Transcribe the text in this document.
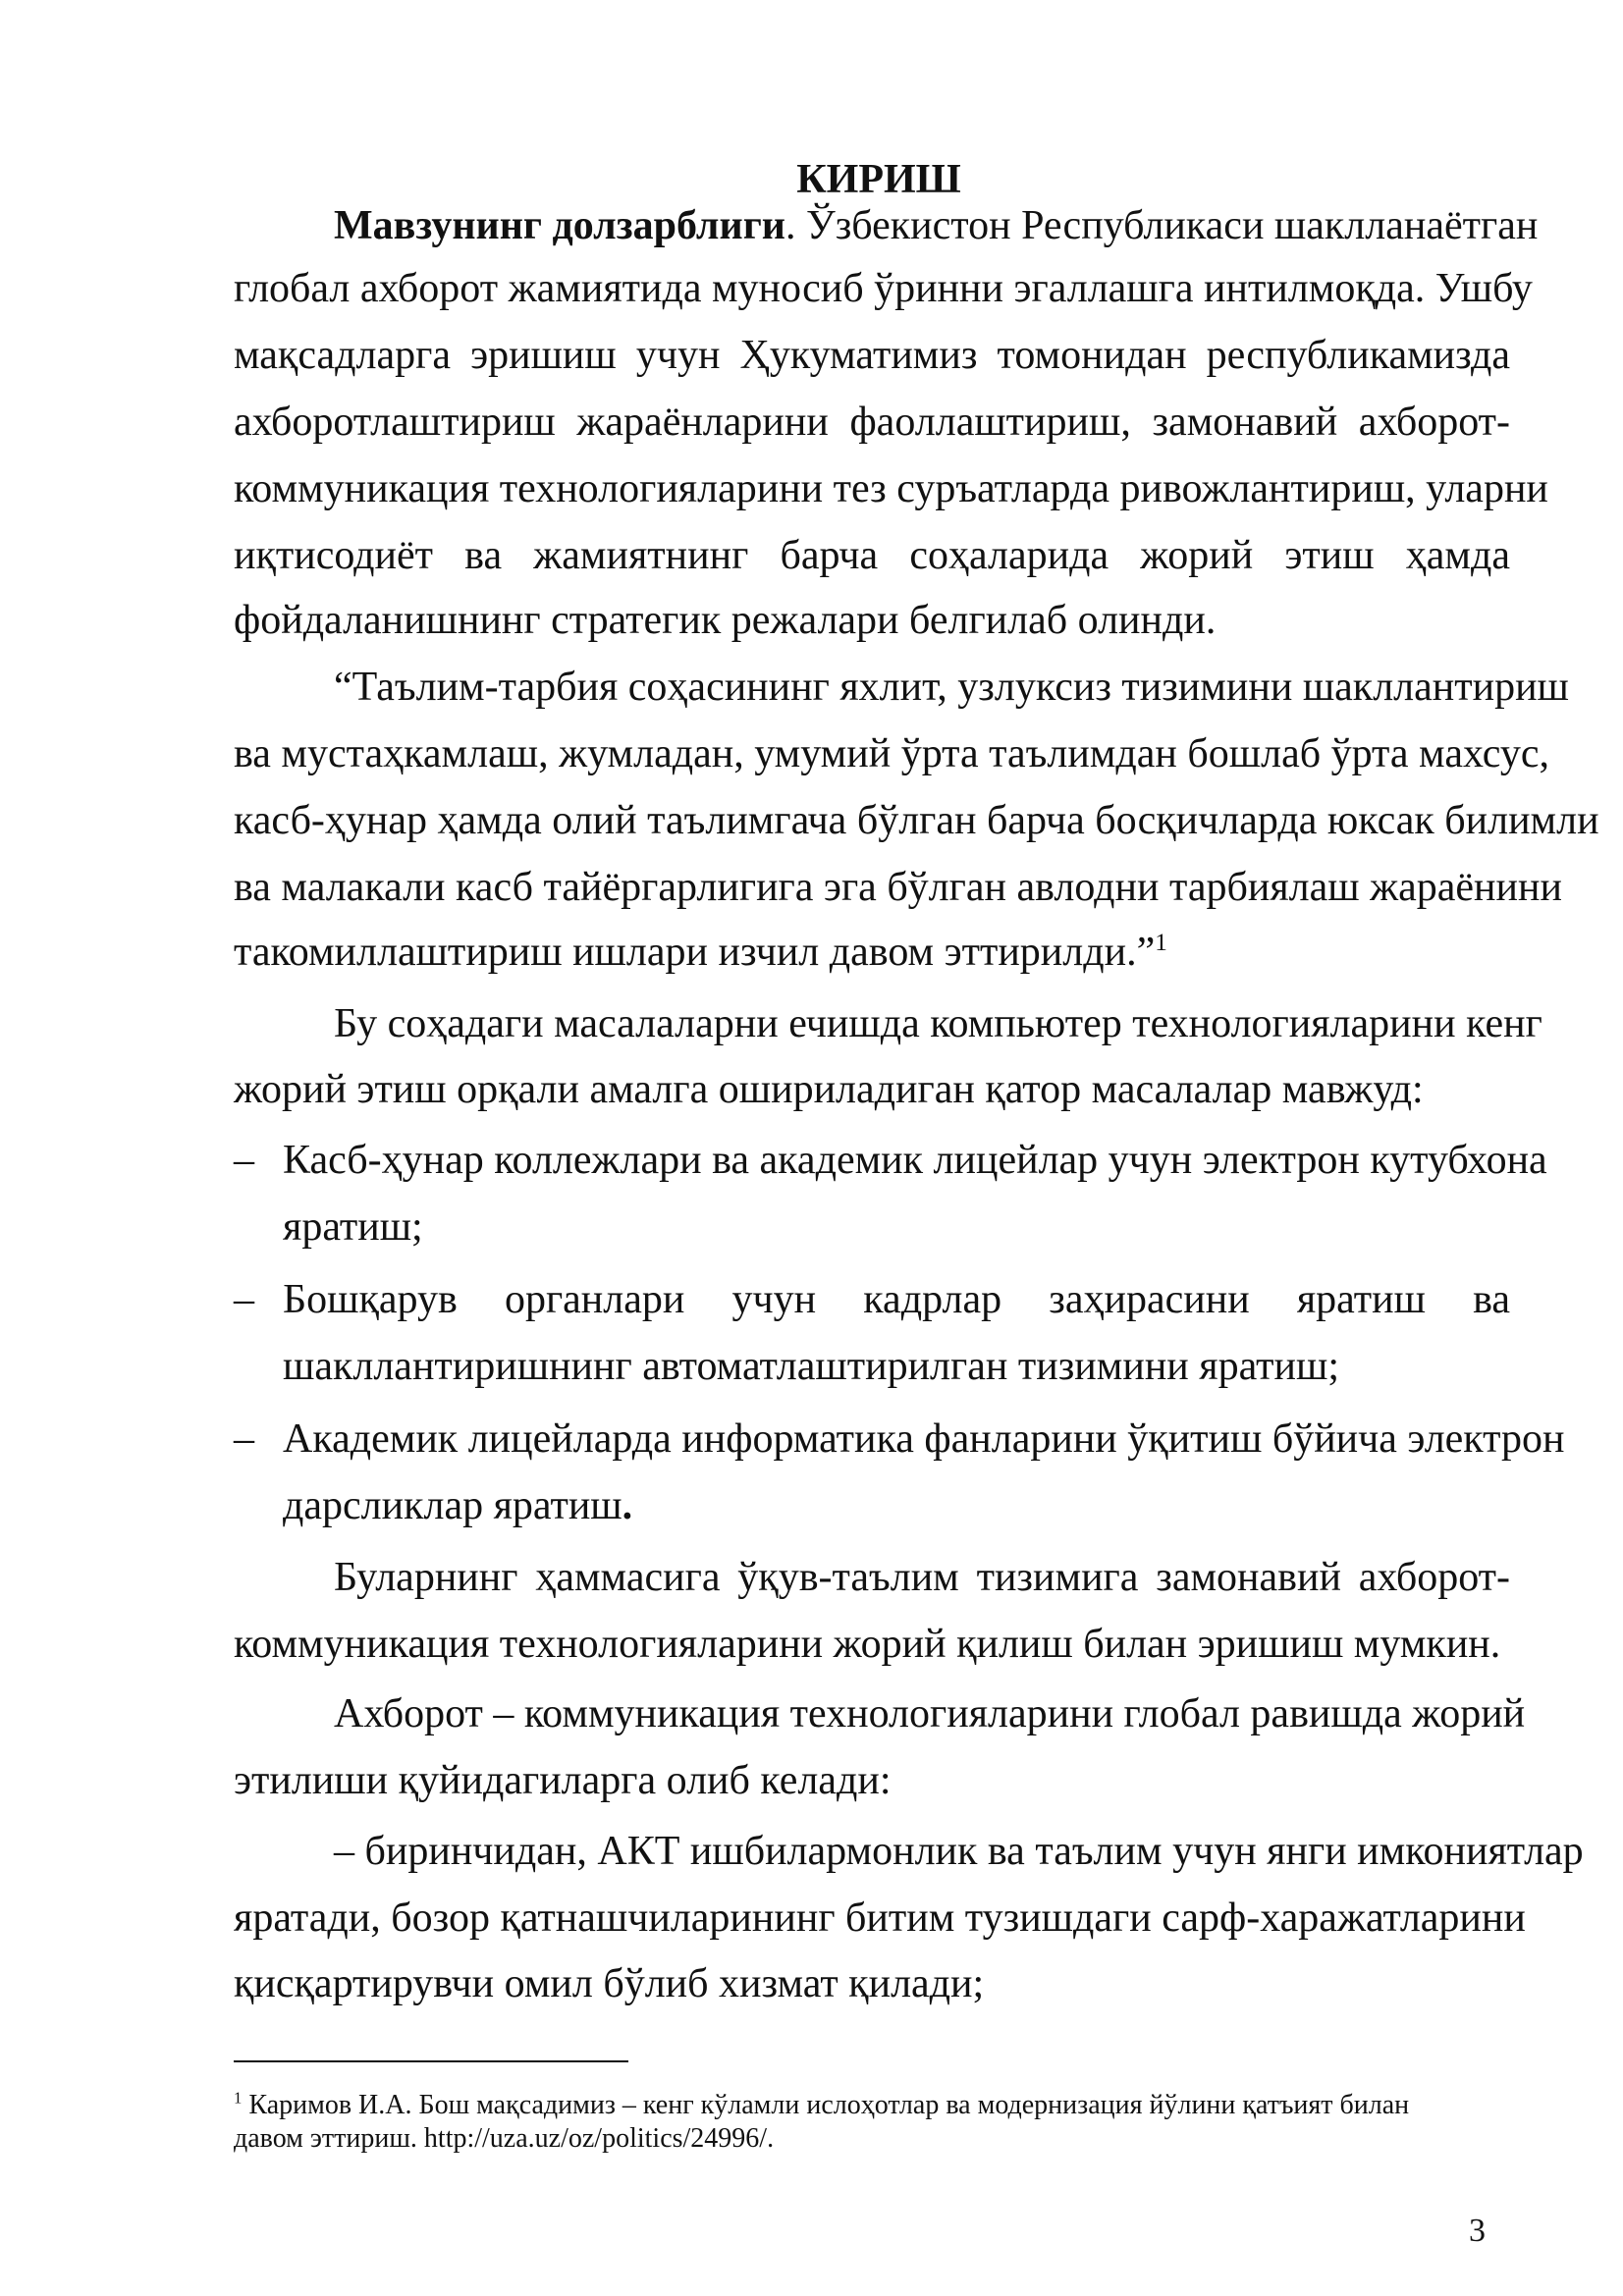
КИРИШ
Мавзунинг долзарблиги. Ўзбекистон Республикаси шаклланаётган
глобал ахборот жамиятида муносиб ўринни эгаллашга интилмоқда. Ушбу
мақсадларга эришиш учун Ҳукуматимиз томонидан республикамизда
ахборотлаштириш жараёнларини фаоллаштириш, замонавий ахборот-
коммуникация технологияларини тез суръатларда ривожлантириш, уларни
иқтисодиёт ва жамиятнинг барча соҳаларида жорий этиш ҳамда
фойдаланишнинг стратегик режалари белгилаб олинди.
“Таълим-тарбия соҳасининг яхлит, узлуксиз тизимини шакллантириш
ва мустаҳкамлаш, жумладан, умумий ўрта таълимдан бошлаб ўрта махсус,
касб-ҳунар ҳамда олий таълимгача бўлган барча босқичларда юксак билимли
ва малакали касб тайёргарлигига эга бўлган авлодни тарбиялаш жараёнини
такомиллаштириш ишлари изчил давом эттирилди.”$^1$
Бу соҳадаги масалаларни ечишда компьютер технологияларини кенг
жорий этиш орқали амалга ошириладиган қатор масалалар мавжуд:
– Касб-ҳунар коллежлари ва академик лицейлар учун электрон кутубхона
яратиш;
– Бошқарув органлари учун кадрлар заҳирасини яратиш ва
шакллантиришнинг автоматлаштирилган тизимини яратиш;
– Академик лицейларда информатика фанларини ўқитиш бўйича электрон
дарсликлар яратиш.
Буларнинг ҳаммасига ўқув-таълим тизимига замонавий ахборот-
коммуникация технологияларини жорий қилиш билан эришиш мумкин.
Ахборот – коммуникация технологияларини глобал равишда жорий
этилиши қуйидагиларга олиб келади:
– биринчидан, АКТ ишбилармонлик ва таълим учун янги имкониятлар
яратади, бозор қатнашчиларининг битим тузишдаги сарф-харажатларини
қисқартирувчи омил бўлиб хизмат қилади;
$^1$ Каримов И.А. Бош мақсадимиз – кенг кўламли ислоҳотлар ва модернизация йўлини қатъият билан
давом эттириш. http://uza.uz/oz/politics/24996/.
3
